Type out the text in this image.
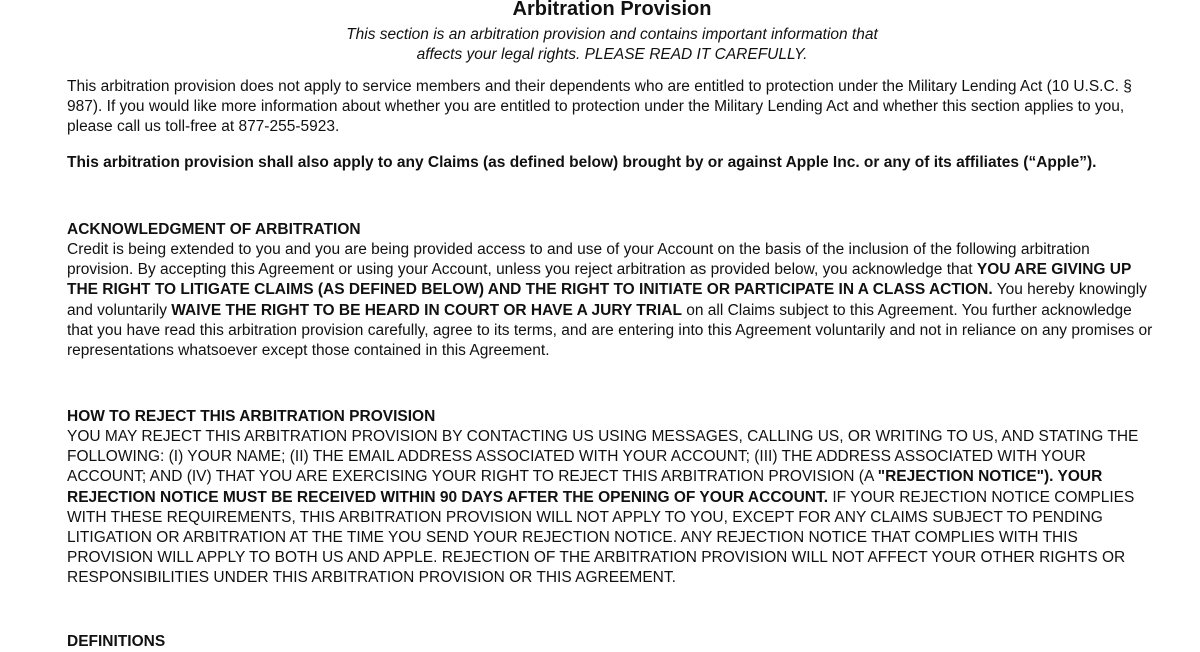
Arbitration Provision
This section is an arbitration provision and contains important information that
affects your legal rights. PLEASE READ IT CAREFULLY.

This arbitration provision does not apply to service members and their dependents who are entitled to protection under the Military Lending Act (10 U.S.C. § 987). If you would like more information about whether you are entitled to protection under the Military Lending Act and whether this section applies to you, please call us toll-free at 877-255-5923.

This arbitration provision shall also apply to any Claims (as defined below) brought by or against Apple Inc. or any of its affiliates (“Apple”).

ACKNOWLEDGMENT OF ARBITRATION

Credit is being extended to you and you are being provided access to and use of your Account on the basis of the inclusion of the following arbitration provision. By accepting this Agreement or using your Account, unless you reject arbitration as provided below, you acknowledge that YOU ARE GIVING UP THE RIGHT TO LITIGATE CLAIMS (AS DEFINED BELOW) AND THE RIGHT TO INITIATE OR PARTICIPATE IN A CLASS ACTION. You hereby knowingly and voluntarily WAIVE THE RIGHT TO BE HEARD IN COURT OR HAVE A JURY TRIAL on all Claims subject to this Agreement. You further acknowledge that you have read this arbitration provision carefully, agree to its terms, and are entering into this Agreement voluntarily and not in reliance on any promises or representations whatsoever except those contained in this Agreement.

HOW TO REJECT THIS ARBITRATION PROVISION

YOU MAY REJECT THIS ARBITRATION PROVISION BY CONTACTING US USING MESSAGES, CALLING US, OR WRITING TO US, AND STATING THE FOLLOWING: (I) YOUR NAME; (II) THE EMAIL ADDRESS ASSOCIATED WITH YOUR ACCOUNT; (III) THE ADDRESS ASSOCIATED WITH YOUR ACCOUNT; AND (IV) THAT YOU ARE EXERCISING YOUR RIGHT TO REJECT THIS ARBITRATION PROVISION (A "REJECTION NOTICE"). YOUR REJECTION NOTICE MUST BE RECEIVED WITHIN 90 DAYS AFTER THE OPENING OF YOUR ACCOUNT. IF YOUR REJECTION NOTICE COMPLIES WITH THESE REQUIREMENTS, THIS ARBITRATION PROVISION WILL NOT APPLY TO YOU, EXCEPT FOR ANY CLAIMS SUBJECT TO PENDING LITIGATION OR ARBITRATION AT THE TIME YOU SEND YOUR REJECTION NOTICE. ANY REJECTION NOTICE THAT COMPLIES WITH THIS PROVISION WILL APPLY TO BOTH US AND APPLE. REJECTION OF THE ARBITRATION PROVISION WILL NOT AFFECT YOUR OTHER RIGHTS OR RESPONSIBILITIES UNDER THIS ARBITRATION PROVISION OR THIS AGREEMENT.

DEFINITIONS
